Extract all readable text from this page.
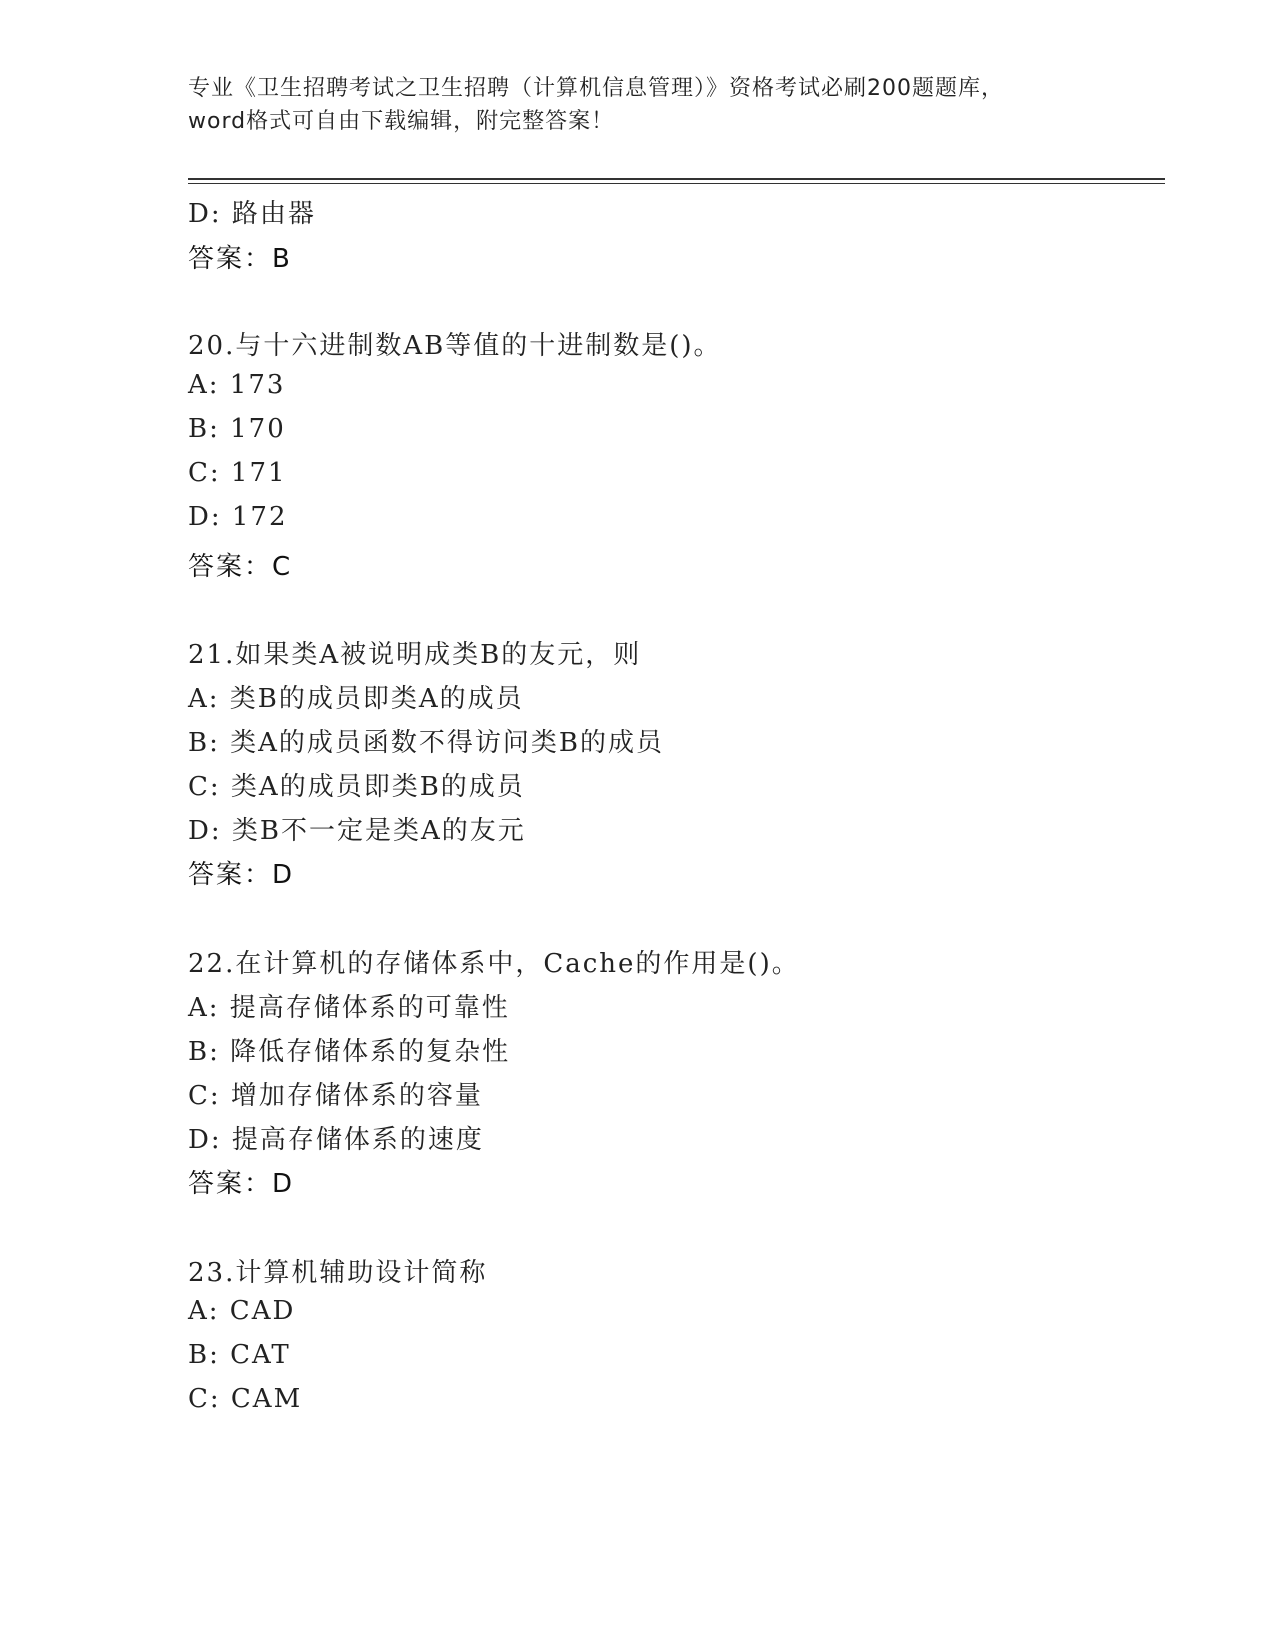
专业《卫生招聘考试之卫生招聘（计算机信息管理）》资格考试必刷200题题库，
word格式可自由下载编辑，附完整答案！
D: 路由器
答案：B
20.与十六进制数AB等值的十进制数是()。
A: 173
B: 170
C: 171
D: 172
答案：C
21.如果类A被说明成类B的友元，则
A: 类B的成员即类A的成员
B: 类A的成员函数不得访问类B的成员
C: 类A的成员即类B的成员
D: 类B不一定是类A的友元
答案：D
22.在计算机的存储体系中，Cache的作用是()。
A: 提高存储体系的可靠性
B: 降低存储体系的复杂性
C: 增加存储体系的容量
D: 提高存储体系的速度
答案：D
23.计算机辅助设计简称
A: CAD
B: CAT
C: CAM
